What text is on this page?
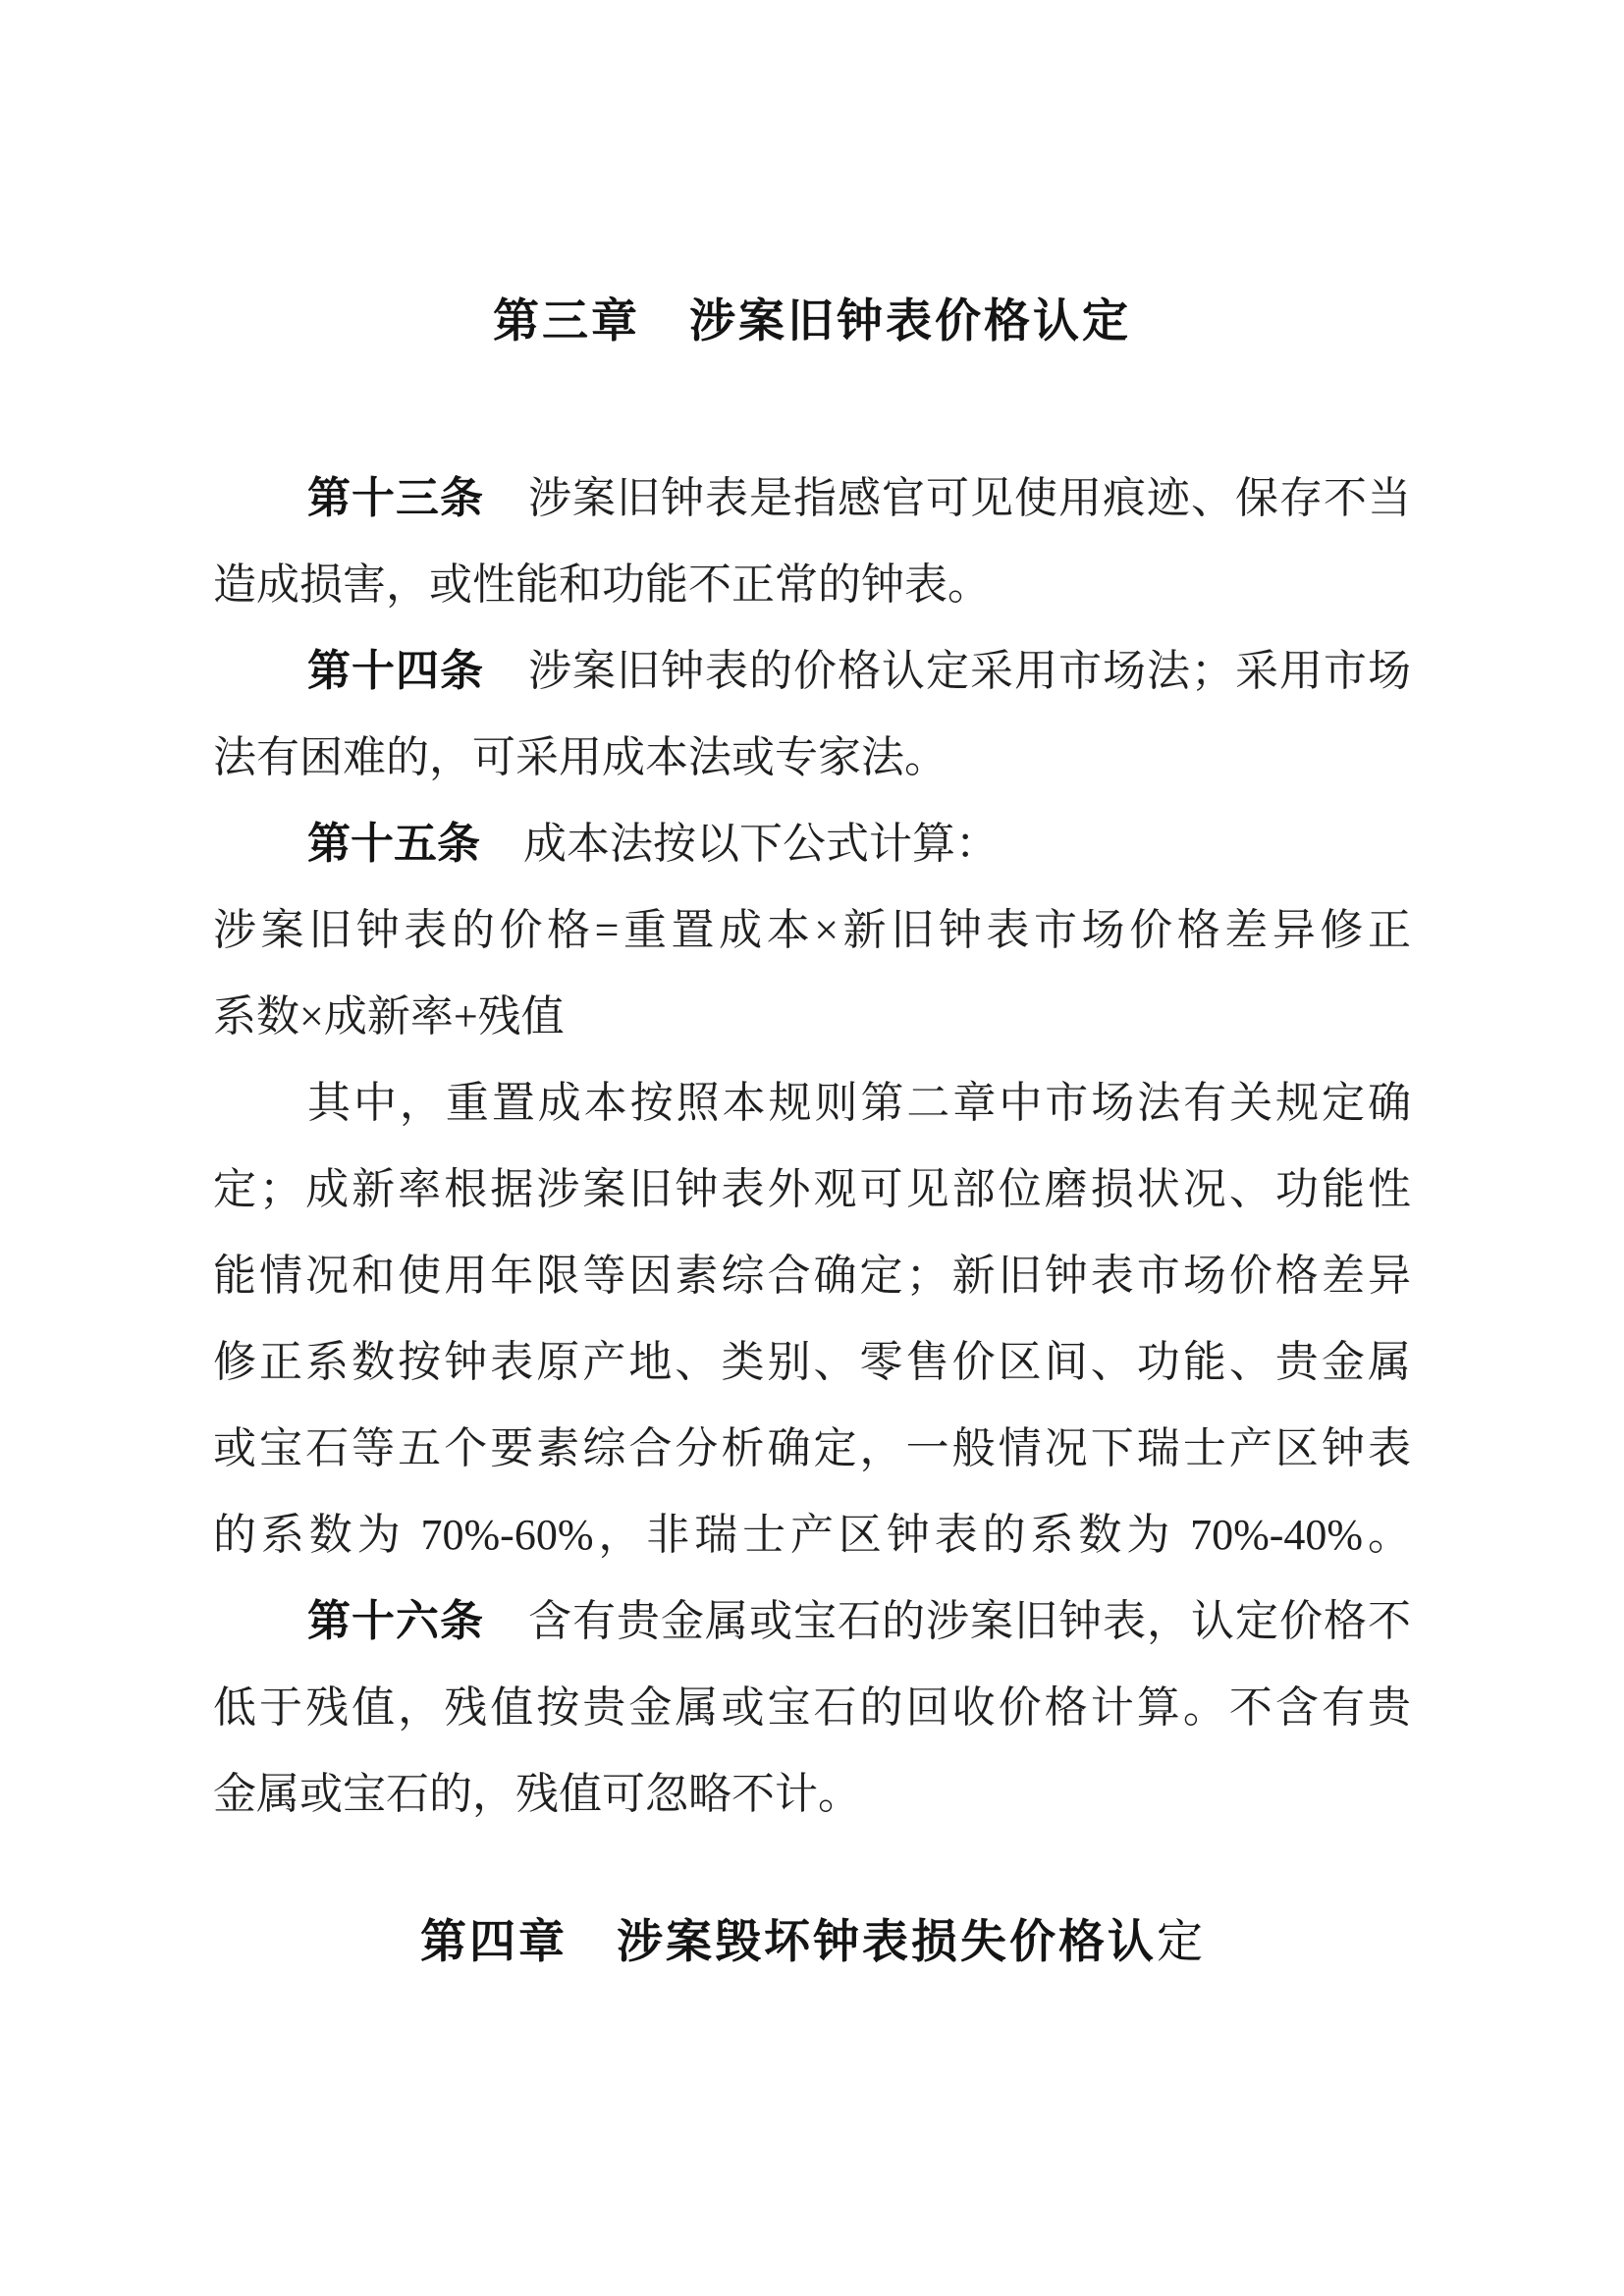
第三章　涉案旧钟表价格认定
第十三条　涉案旧钟表是指感官可见使用痕迹、保存不当
造成损害，或性能和功能不正常的钟表。
第十四条　涉案旧钟表的价格认定采用市场法；采用市场
法有困难的，可采用成本法或专家法。
第十五条　成本法按以下公式计算：
涉案旧钟表的价格=重置成本×新旧钟表市场价格差异修正
系数×成新率+残值
其中，重置成本按照本规则第二章中市场法有关规定确
定；成新率根据涉案旧钟表外观可见部位磨损状况、功能性
能情况和使用年限等因素综合确定；新旧钟表市场价格差异
修正系数按钟表原产地、类别、零售价区间、功能、贵金属
或宝石等五个要素综合分析确定，一般情况下瑞士产区钟表
的系数为 70%-60%，非瑞士产区钟表的系数为 70%-40%。
第十六条　含有贵金属或宝石的涉案旧钟表，认定价格不
低于残值，残值按贵金属或宝石的回收价格计算。不含有贵
金属或宝石的，残值可忽略不计。
第四章　涉案毁坏钟表损失价格认定
